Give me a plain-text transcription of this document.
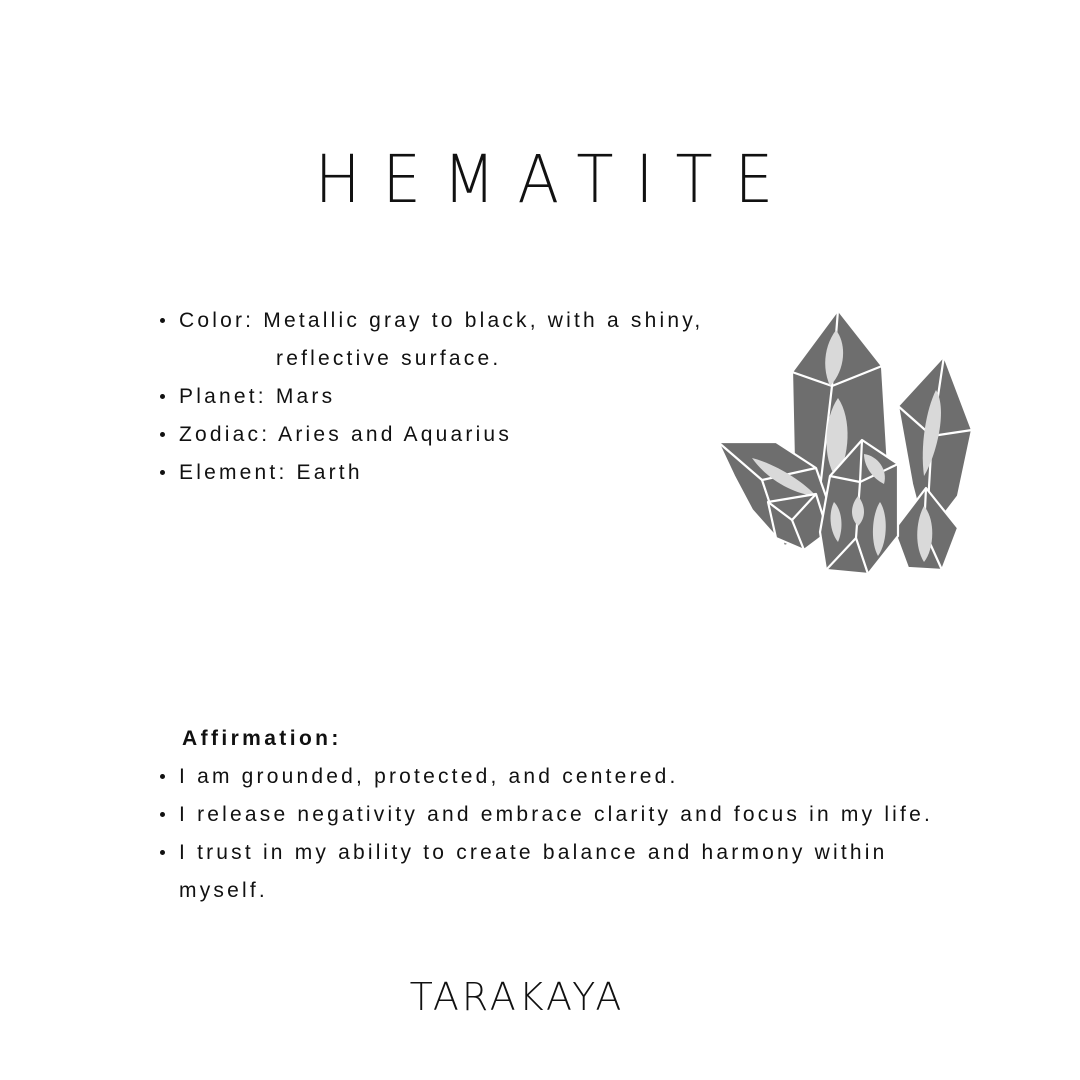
HEMATITE
Color: Metallic gray to black, with a shiny,
reflective surface.
Planet: Mars
Zodiac: Aries and Aquarius
Element: Earth
Affirmation:
I am grounded, protected, and centered.
I release negativity and embrace clarity and focus in my life.
I trust in my ability to create balance and harmony within myself.
TARAKAYA
